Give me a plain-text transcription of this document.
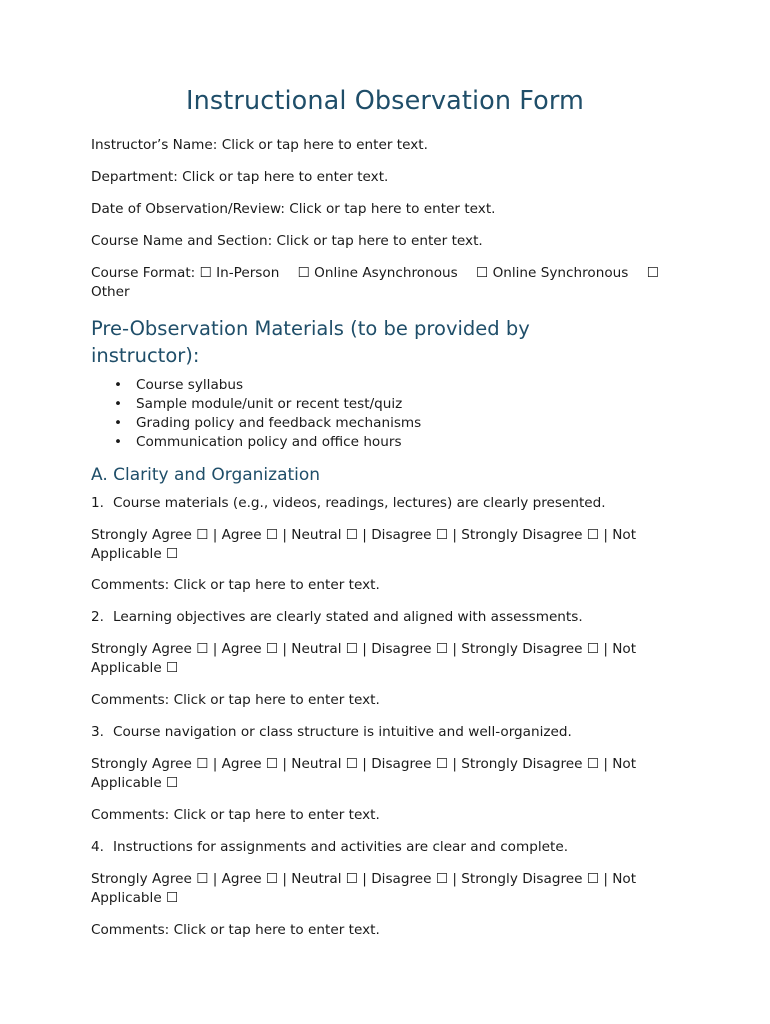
Instructional Observation Form
Instructor’s Name: Click or tap here to enter text.
Department: Click or tap here to enter text.
Date of Observation/Review: Click or tap here to enter text.
Course Name and Section: Click or tap here to enter text.
Course Format: ☐ In-Person ☐ Online Asynchronous ☐ Online Synchronous ☐
Other
Pre-Observation Materials (to be provided by
instructor):
• Course syllabus
• Sample module/unit or recent test/quiz
• Grading policy and feedback mechanisms
• Communication policy and office hours
A. Clarity and Organization
1. Course materials (e.g., videos, readings, lectures) are clearly presented.
Strongly Agree ☐ | Agree ☐ | Neutral ☐ | Disagree ☐ | Strongly Disagree ☐ | Not
Applicable ☐
Comments: Click or tap here to enter text.
2. Learning objectives are clearly stated and aligned with assessments.
Strongly Agree ☐ | Agree ☐ | Neutral ☐ | Disagree ☐ | Strongly Disagree ☐ | Not
Applicable ☐
Comments: Click or tap here to enter text.
3. Course navigation or class structure is intuitive and well-organized.
Strongly Agree ☐ | Agree ☐ | Neutral ☐ | Disagree ☐ | Strongly Disagree ☐ | Not
Applicable ☐
Comments: Click or tap here to enter text.
4. Instructions for assignments and activities are clear and complete.
Strongly Agree ☐ | Agree ☐ | Neutral ☐ | Disagree ☐ | Strongly Disagree ☐ | Not
Applicable ☐
Comments: Click or tap here to enter text.
